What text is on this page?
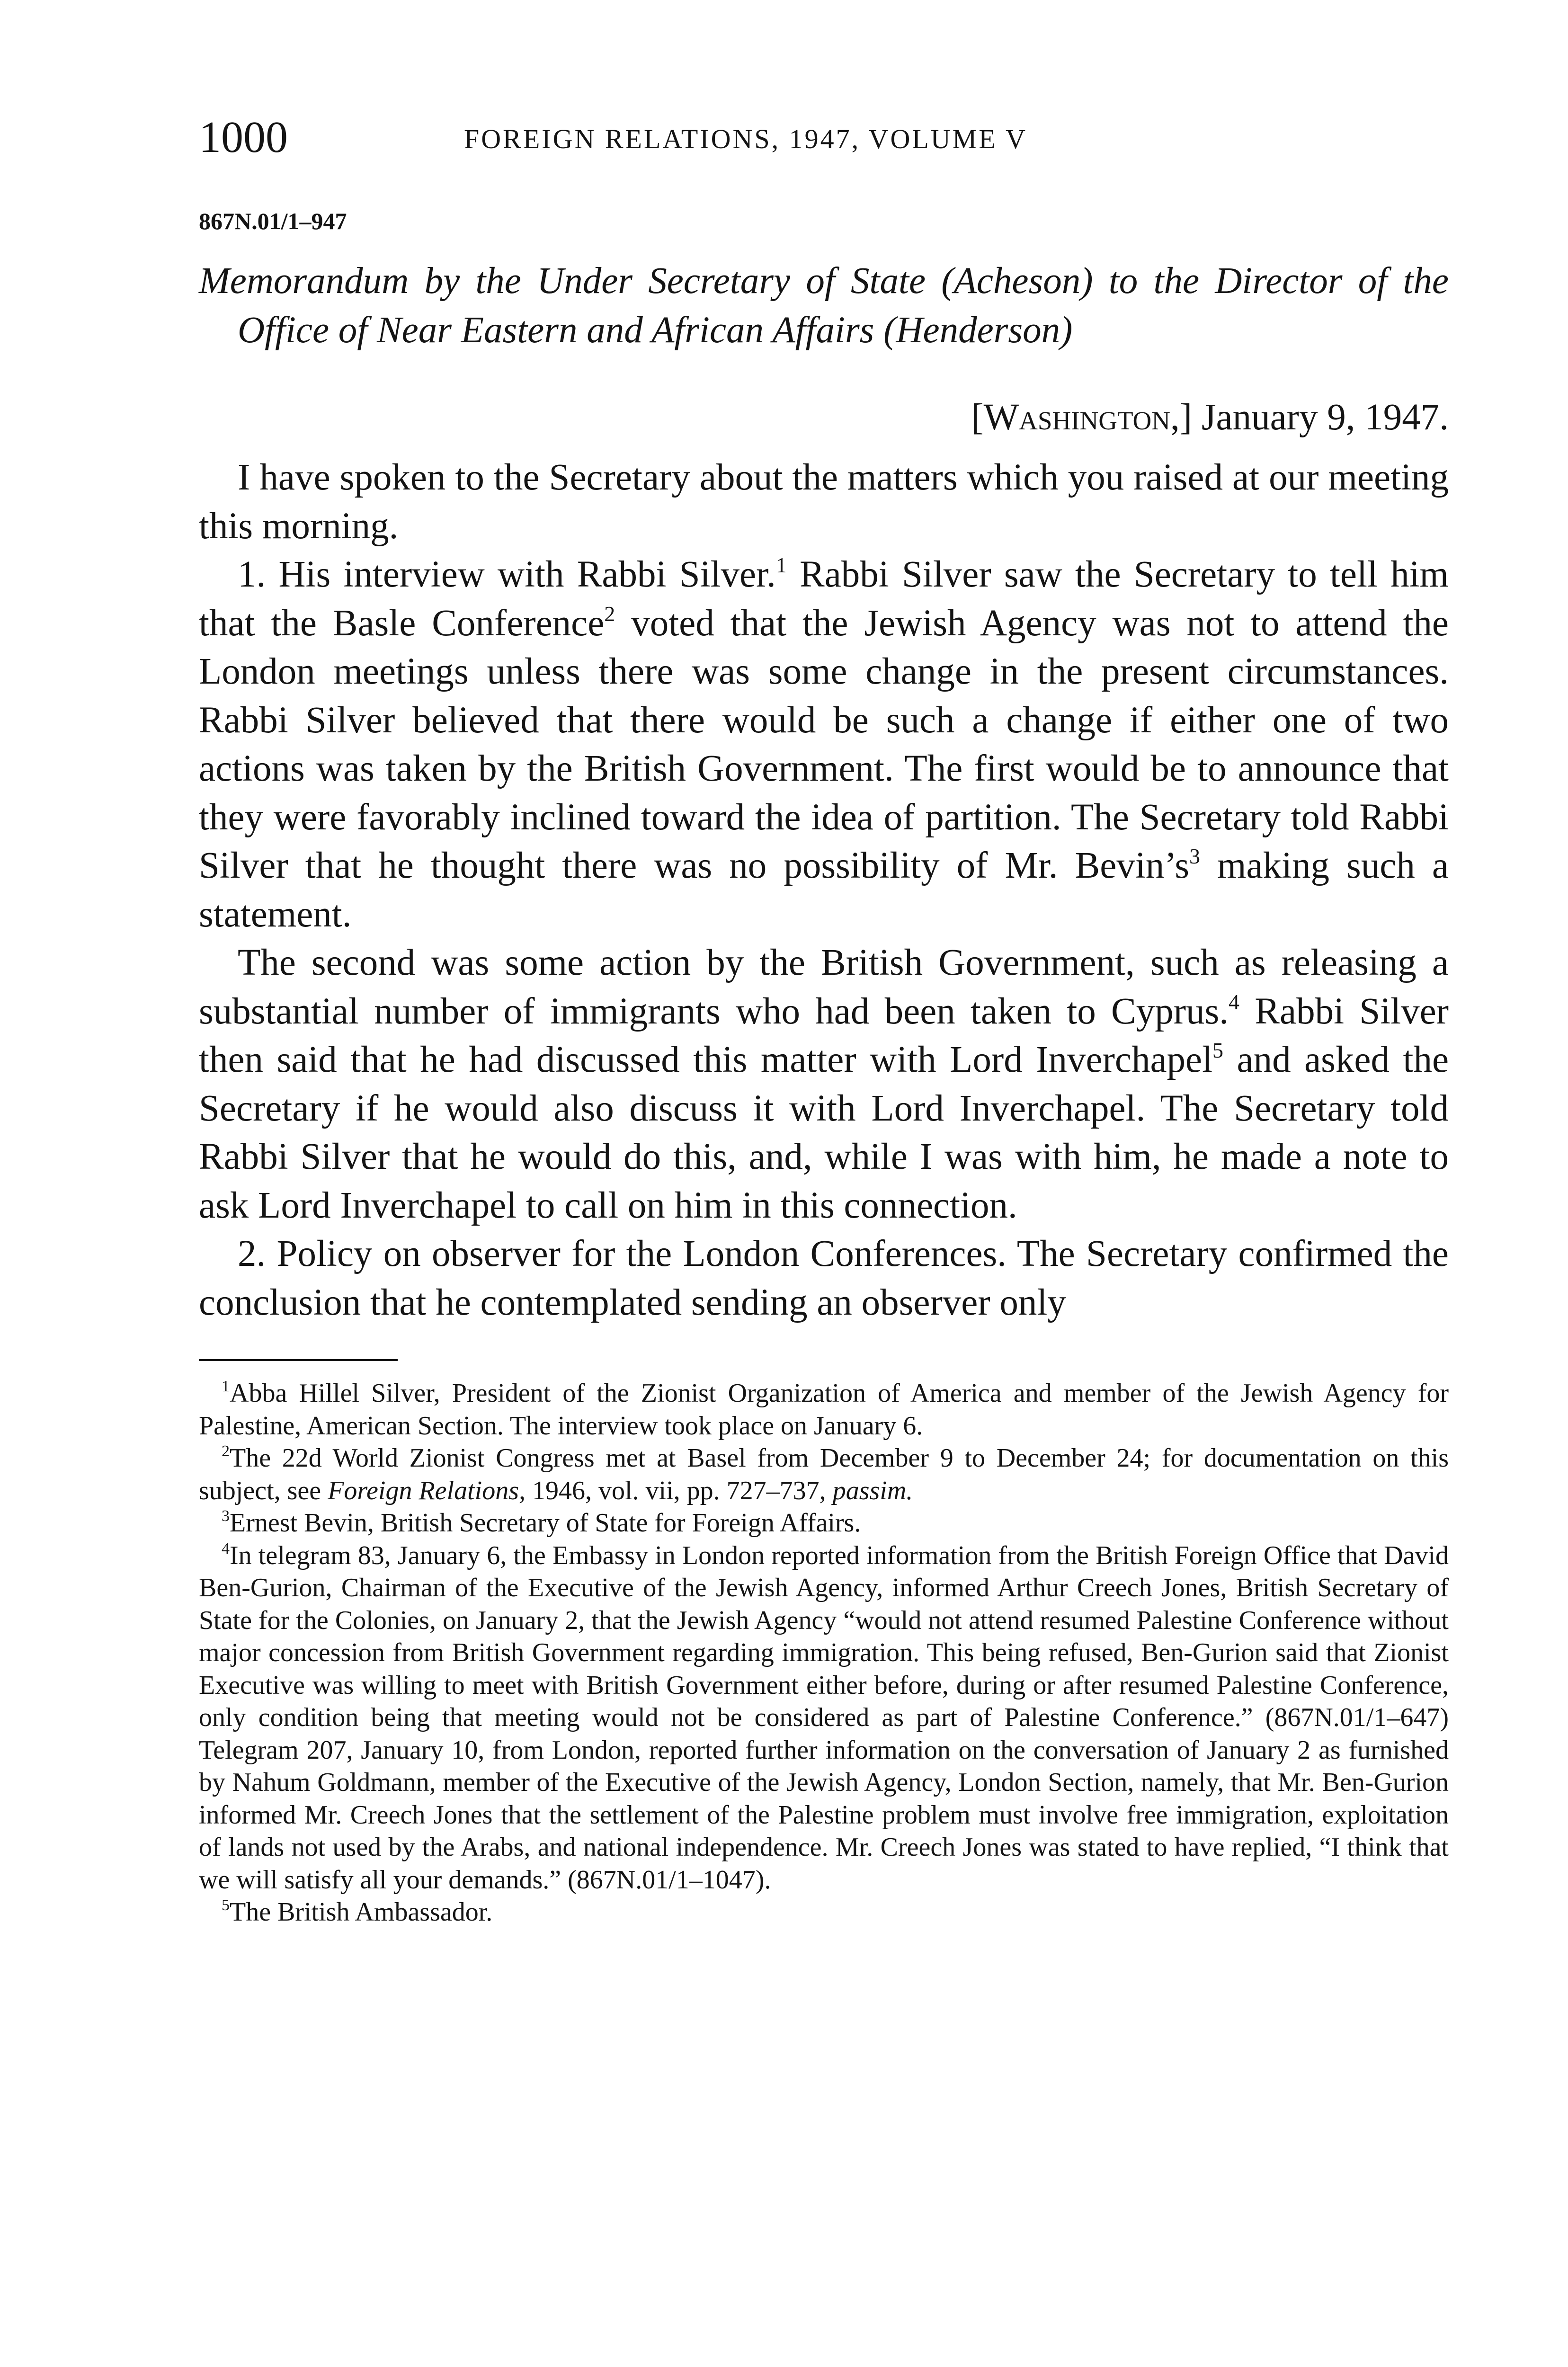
1000	FOREIGN RELATIONS, 1947, VOLUME V
867N.01/1–947
Memorandum by the Under Secretary of State (Acheson) to the Director of the Office of Near Eastern and African Affairs (Henderson)
[Washington,] January 9, 1947.

I have spoken to the Secretary about the matters which you raised at our meeting this morning.

1. His interview with Rabbi Silver.$^1$ Rabbi Silver saw the Secretary to tell him that the Basle Conference$^2$ voted that the Jewish Agency was not to attend the London meetings unless there was some change in the present circumstances. Rabbi Silver believed that there would be such a change if either one of two actions was taken by the British Government. The first would be to announce that they were favorably inclined toward the idea of partition. The Secretary told Rabbi Silver that he thought there was no possibility of Mr. $Bevin’s^3$ making such a statement.

The second was some action by the British Government, such as releasing a substantial number of immigrants who had been taken to Cyprus.$^4$ Rabbi Silver then said that he had discussed this matter with Lord Inverchapel$^5$ and asked the Secretary if he would also discuss it with Lord Inverchapel. The Secretary told Rabbi Silver that he would do this, and, while I was with him, he made a note to ask Lord Inverchapel to call on him in this connection.

2. Policy on observer for the London Conferences. The Secretary confirmed the conclusion that he contemplated sending an observer only

$^1$Abba Hillel Silver, President of the Zionist Organization of America and member of the Jewish Agency for Palestine, American Section. The interview took place on January 6.

$^2$The 22d World Zionist Congress met at Basel from December 9 to December 24; for documentation on this subject, see Foreign Relations, 1946, vol. vii, pp. 727–737, passim.

$^3$Ernest Bevin, British Secretary of State for Foreign Affairs.

$^4$In telegram 83, January 6, the Embassy in London reported information from the British Foreign Office that David Ben-Gurion, Chairman of the Executive of the Jewish Agency, informed Arthur Creech Jones, British Secretary of State for the Colonies, on January 2, that the Jewish Agency “would not attend resumed Palestine Conference without major concession from British Government regarding immigration. This being refused, Ben-Gurion said that Zionist Executive was willing to meet with British Government either before, during or after resumed Palestine Conference, only condition being that meeting would not be considered as part of Palestine Conference.” (867N.01/1–647) Telegram 207, January 10, from London, reported further information on the conversation of January 2 as furnished by Nahum Goldmann, member of the Executive of the Jewish Agency, London Section, namely, that Mr. Ben-Gurion informed Mr. Creech Jones that the settlement of the Palestine problem must involve free immigration, exploitation of lands not used by the Arabs, and national independence. Mr. Creech Jones was stated to have replied, “I think that we will satisfy all your demands.” (867N.01/1–1047).

$^5$The British Ambassador.
